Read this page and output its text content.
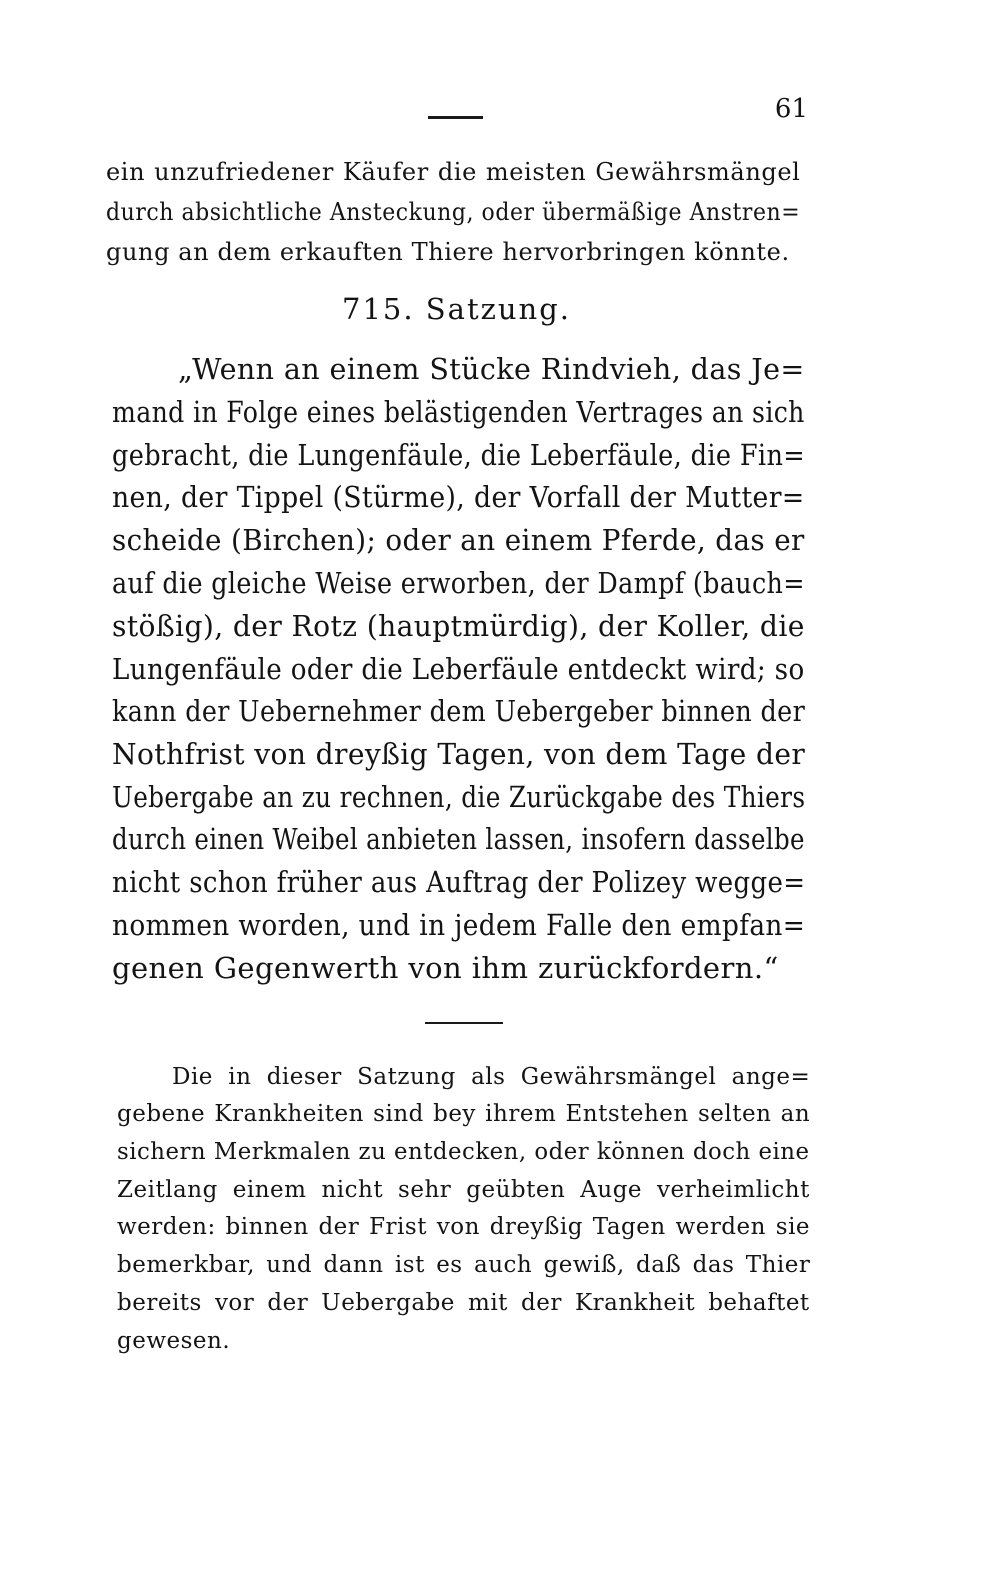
61
ein unzufriedener Käufer die meisten Gewährsmängel
durch absichtliche Ansteckung, oder übermäßige Anstren=
gung an dem erkauften Thiere hervorbringen könnte.
715. Satzung.
„Wenn an einem Stücke Rindvieh, das Je=
mand in Folge eines belästigenden Vertrages an sich
gebracht, die Lungenfäule, die Leberfäule, die Fin=
nen, der Tippel (Stürme), der Vorfall der Mutter=
scheide (Birchen); oder an einem Pferde, das er
auf die gleiche Weise erworben, der Dampf (bauch=
stößig), der Rotz (hauptmürdig), der Koller, die
Lungenfäule oder die Leberfäule entdeckt wird; so
kann der Uebernehmer dem Uebergeber binnen der
Nothfrist von dreyßig Tagen, von dem Tage der
Uebergabe an zu rechnen, die Zurückgabe des Thiers
durch einen Weibel anbieten lassen, insofern dasselbe
nicht schon früher aus Auftrag der Polizey wegge=
nommen worden, und in jedem Falle den empfan=
genen Gegenwerth von ihm zurückfordern.“
Die in dieser Satzung als Gewährsmängel ange=
gebene Krankheiten sind bey ihrem Entstehen selten an
sichern Merkmalen zu entdecken, oder können doch eine
Zeitlang einem nicht sehr geübten Auge verheimlicht
werden: binnen der Frist von dreyßig Tagen werden sie
bemerkbar, und dann ist es auch gewiß, daß das Thier
bereits vor der Uebergabe mit der Krankheit behaftet
gewesen.
